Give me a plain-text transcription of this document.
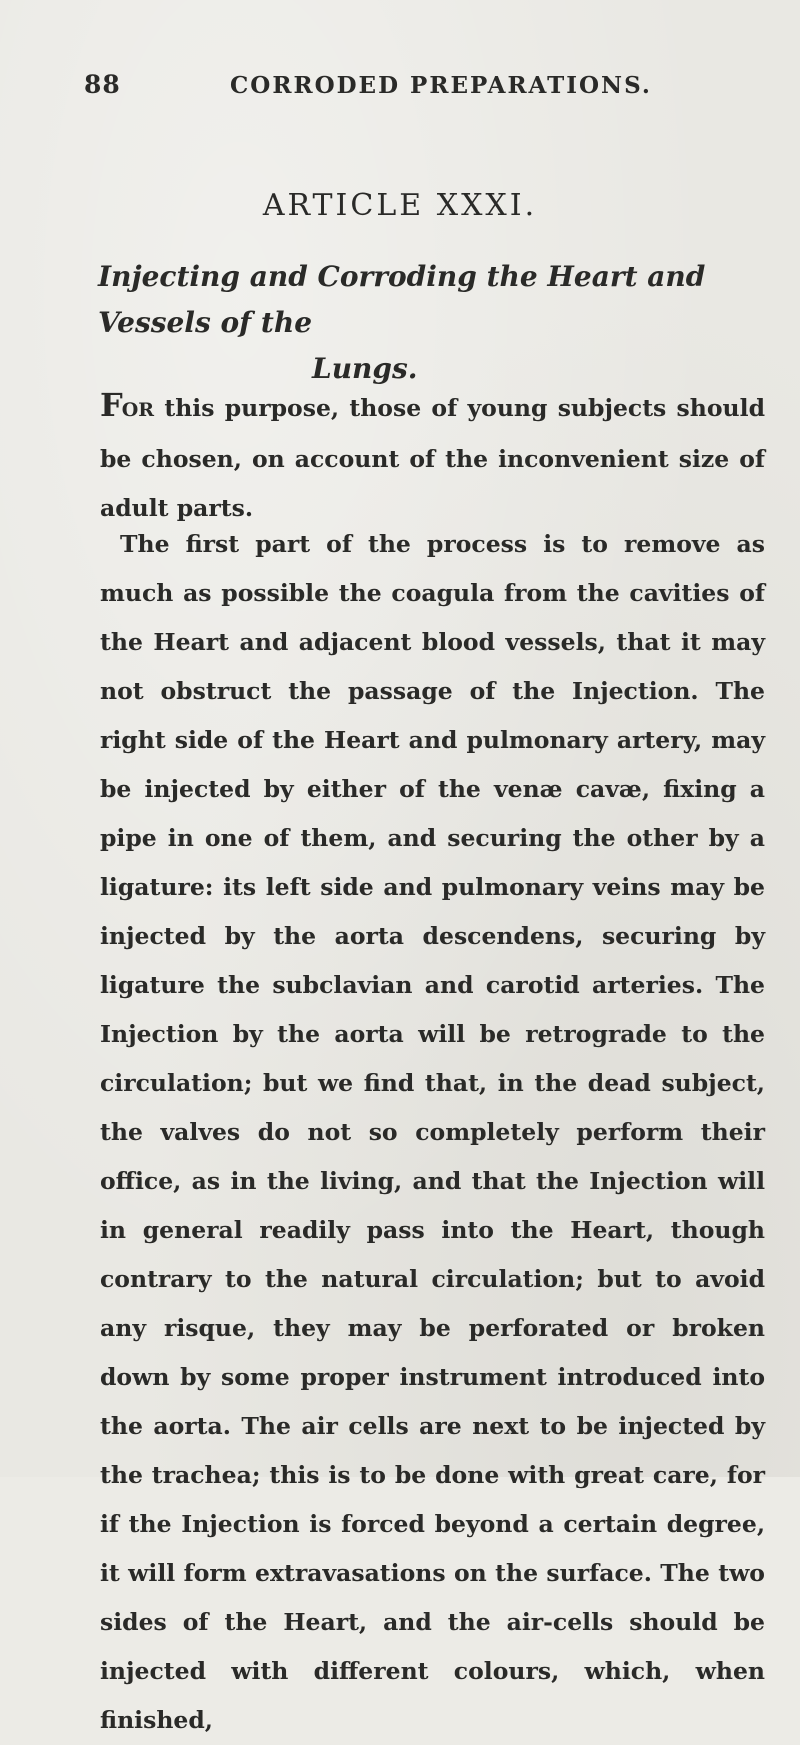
88	CORRODED PREPARATIONS.
ARTICLE XXXI.
Injecting and Corroding the Heart and Vessels of the
Lungs.

FOR this purpose, those of young subjects should be chosen, on account of the inconvenient size of adult parts.

The first part of the process is to remove as much as possible the coagula from the cavities of the Heart and adjacent blood vessels, that it may not obstruct the passage of the Injection. The right side of the Heart and pulmonary artery, may be injected by either of the venæ cavæ, fixing a pipe in one of them, and securing the other by a ligature: its left side and pulmonary veins may be injected by the aorta descendens, securing by ligature the subclavian and carotid arteries. The Injection by the aorta will be retrograde to the circulation; but we find that, in the dead subject, the valves do not so completely perform their office, as in the living, and that the Injection will in general readily pass into the Heart, though contrary to the natural circulation; but to avoid any risque, they may be perforated or broken down by some proper instrument introduced into the aorta. The air cells are next to be injected by the trachea; this is to be done with great care, for if the Injection is forced beyond a certain degree, it will form extravasations on the surface. The two sides of the Heart, and the air-cells should be injected with different colours, which, when finished,
